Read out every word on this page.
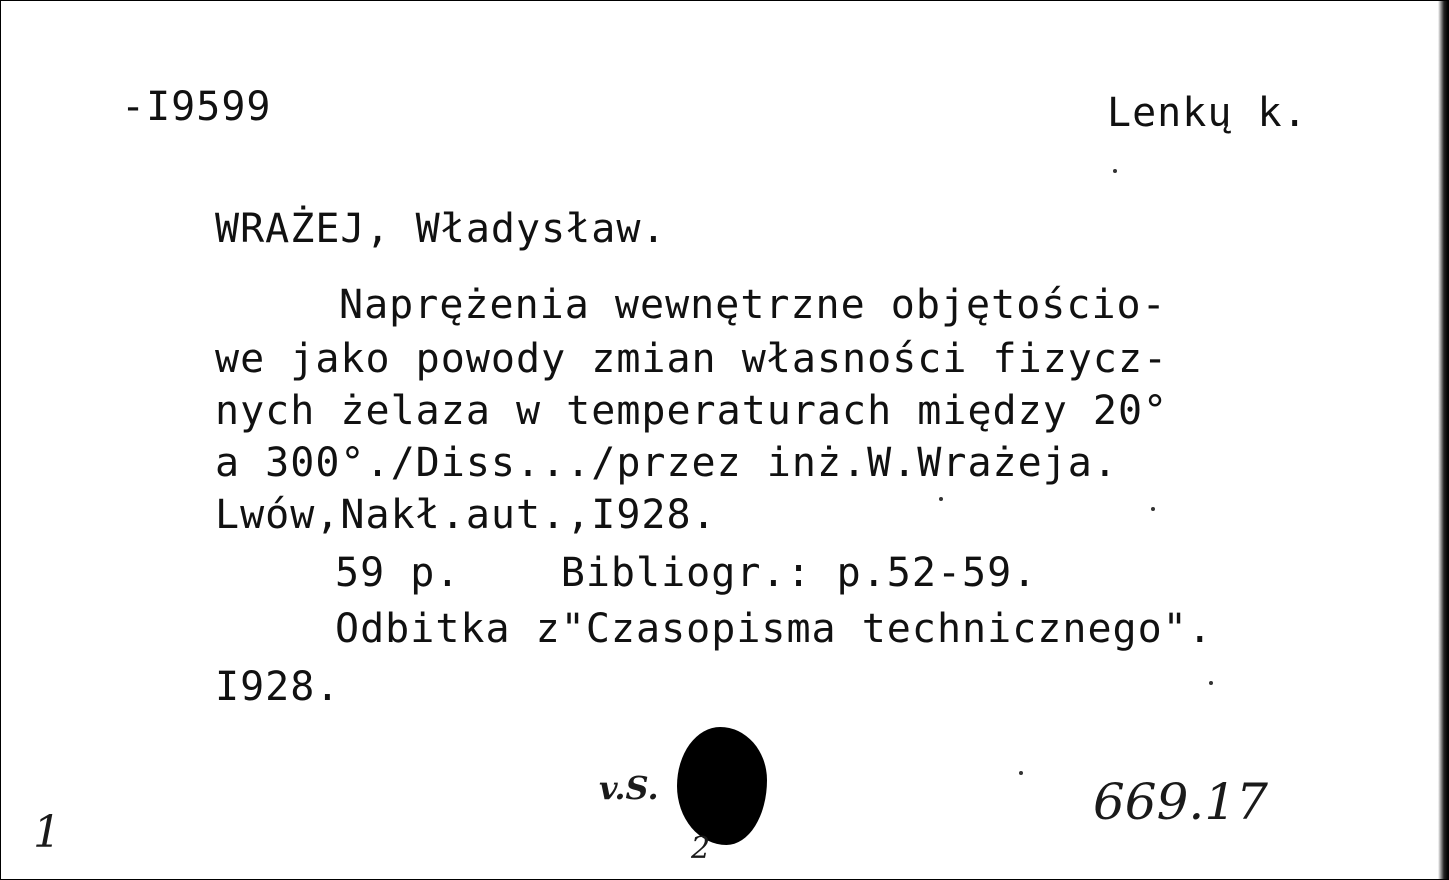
-I9599	Lenkų k.
WRAŻEJ, Władysław.
Naprężenia wewnętrzne objętościo-
we jako powody zmian własności fizycz-
nych żelaza w temperaturach między 20°
a 300°./Diss.../przez inż.W.Wrażeja.
Lwów,Nakł.aut.,I928.
59 p.    Bibliogr.: p.52-59.
Odbitka z"Czasopisma technicznego".
I928.
1
v.S.
2
669.17
